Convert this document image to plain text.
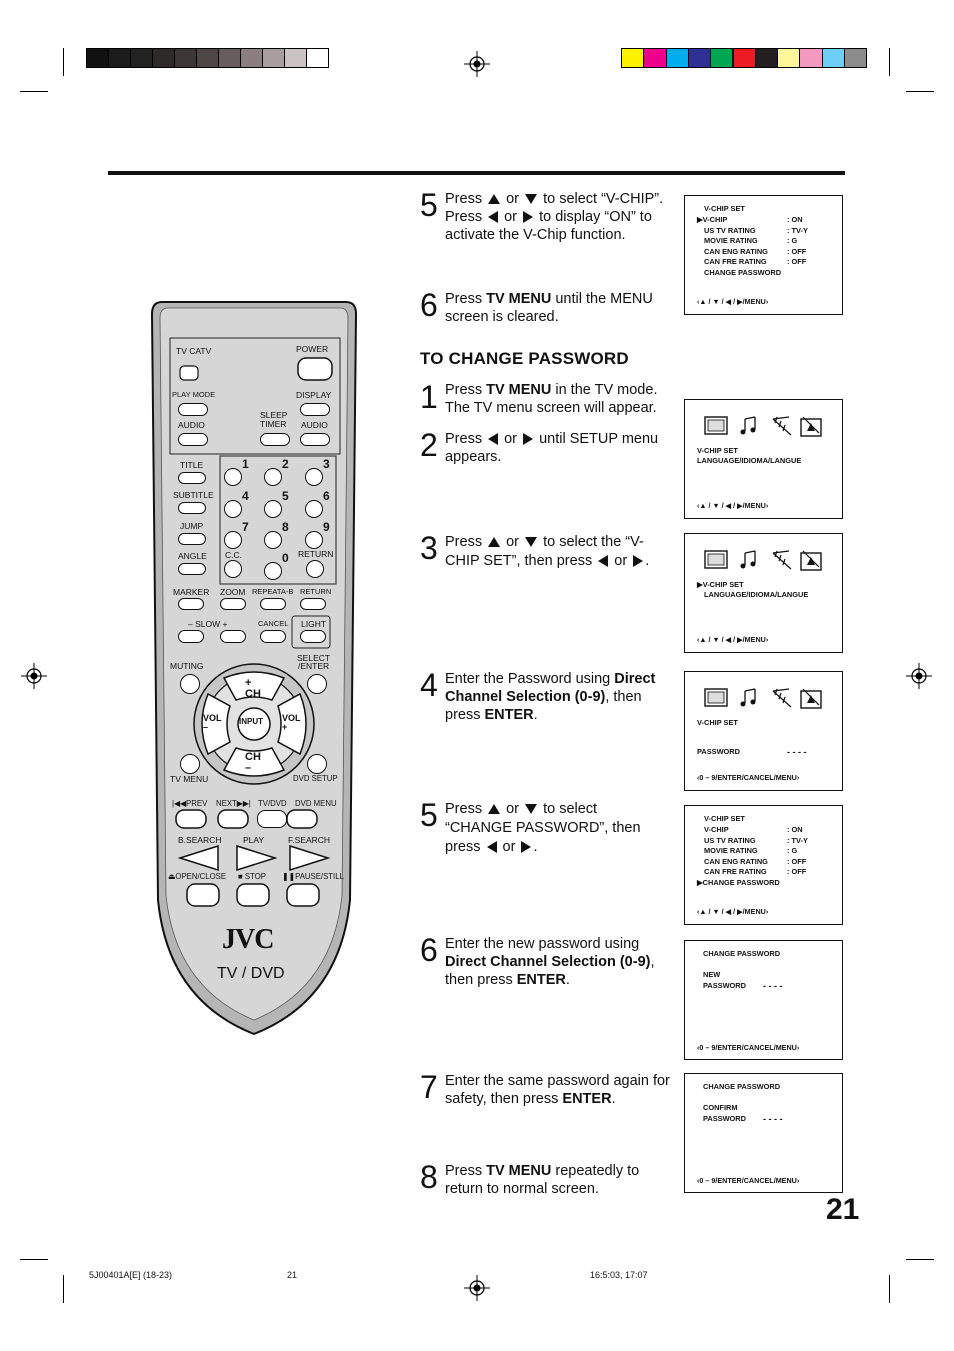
5 Press  or  to select “V-CHIP”. Press  or  to display “ON” to activate the V-Chip function.
6 Press TV MENU until the MENU screen is cleared.
TO CHANGE PASSWORD
1 Press TV MENU in the TV mode. The TV menu screen will appear.
2 Press  or  until SETUP menu appears.
3 Press  or  to select the “V-CHIP SET”, then press  or .
4 Enter the Password using Direct Channel Selection (0-9), then press ENTER.
5 Press  or  to select “CHANGE PASSWORD”, then press  or .
6 Enter the new password using Direct Channel Selection (0-9), then press ENTER.
7 Enter the same password again for safety, then press ENTER.
8 Press TV MENU repeatedly to return to normal screen.
V-CHIP SET
▶V-CHIP	: ON
US TV RATING	: TV-Y
MOVIE RATING	: G
CAN ENG RATING	: OFF
CAN FRE RATING	: OFF
CHANGE PASSWORD
‹▲ / ▼ / ◀ / ▶/MENU›
V-CHIP SET
LANGUAGE/IDIOMA/LANGUE
‹▲ / ▼ / ◀ / ▶/MENU›
▶V-CHIP SET
LANGUAGE/IDIOMA/LANGUE
‹▲ / ▼ / ◀ / ▶/MENU›
V-CHIP SET
PASSWORD	- - - -
‹0 – 9/ENTER/CANCEL/MENU›
V-CHIP SET
V-CHIP	: ON
US TV RATING	: TV-Y
MOVIE RATING	: G
CAN ENG RATING	: OFF
CAN FRE RATING	: OFF
▶CHANGE PASSWORD
‹▲ / ▼ / ◀ / ▶/MENU›
CHANGE PASSWORD
NEW
PASSWORD - - - -
‹0 – 9/ENTER/CANCEL/MENU›
CHANGE PASSWORD
CONFIRM
PASSWORD - - - -
‹0 – 9/ENTER/CANCEL/MENU›
TV CATV	POWER
PLAY MODE	DISPLAY
SLEEP
TIMER
AUDIO	AUDIO
TITLE
SUBTITLE
JUMP
ANGLE
1	2	3
4	5	6
7	8	9
0
C.C.	RETURN
MARKER ZOOM REPEATA-B RETURN
– SLOW +	CANCEL LIGHT
MUTING
SELECT
/ENTER
+
CH
CH
–
VOL
–
VOL
+
INPUT
TV MENU	DVD SETUP
|◀◀PREV NEXT▶▶| TV/DVD DVD MENU
B.SEARCH	PLAY	F.SEARCH
⏏OPEN/CLOSE ■ STOP ❚❚PAUSE/STILL
JVC
TV / DVD
21
5J00401A[E] (18-23)	21	16:5:03, 17:07
